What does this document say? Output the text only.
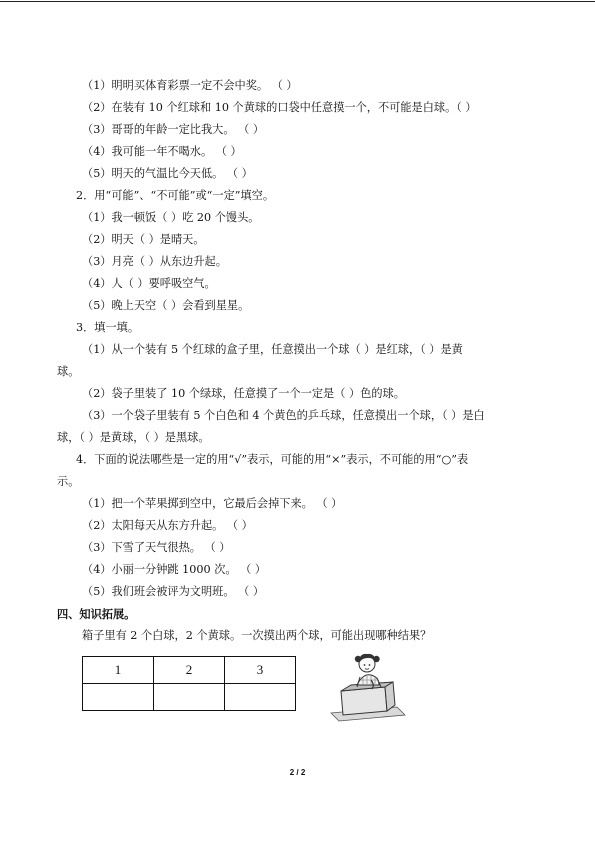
（1）明明买体育彩票一定不会中奖。 （ ）
（2）在装有 10 个红球和 10 个黄球的口袋中任意摸一个，不可能是白球。（ ）
（3）哥哥的年龄一定比我大。 （ ）
（4）我可能一年不喝水。 （ ）
（5）明天的气温比今天低。 （ ）
2．用“可能”、“不可能”或“一定”填空。
（1）我一顿饭（ ）吃 20 个馒头。
（2）明天（ ）是晴天。
（3）月亮（ ）从东边升起。
（4）人（ ）要呼吸空气。
（5）晚上天空（ ）会看到星星。
3．填一填。
（1）从一个装有 5 个红球的盒子里，任意摸出一个球（ ）是红球，（ ）是黄
球。
（2）袋子里装了 10 个绿球，任意摸了一个一定是（ ）色的球。
（3）一个袋子里装有 5 个白色和 4 个黄色的乒乓球，任意摸出一个球，（ ）是白
球，（ ）是黄球，（ ）是黑球。
4．下面的说法哪些是一定的用“√”表示，可能的用“×”表示，不可能的用“○”表
示。
（1）把一个苹果掷到空中，它最后会掉下来。 （ ）
（2）太阳每天从东方升起。 （ ）
（3）下雪了天气很热。 （ ）
（4）小丽一分钟跳 1000 次。 （ ）
（5）我们班会被评为文明班。 （ ）
四、知识拓展。
箱子里有 2 个白球，2 个黄球。一次摸出两个球，可能出现哪种结果？
1	2	3

2 / 2
